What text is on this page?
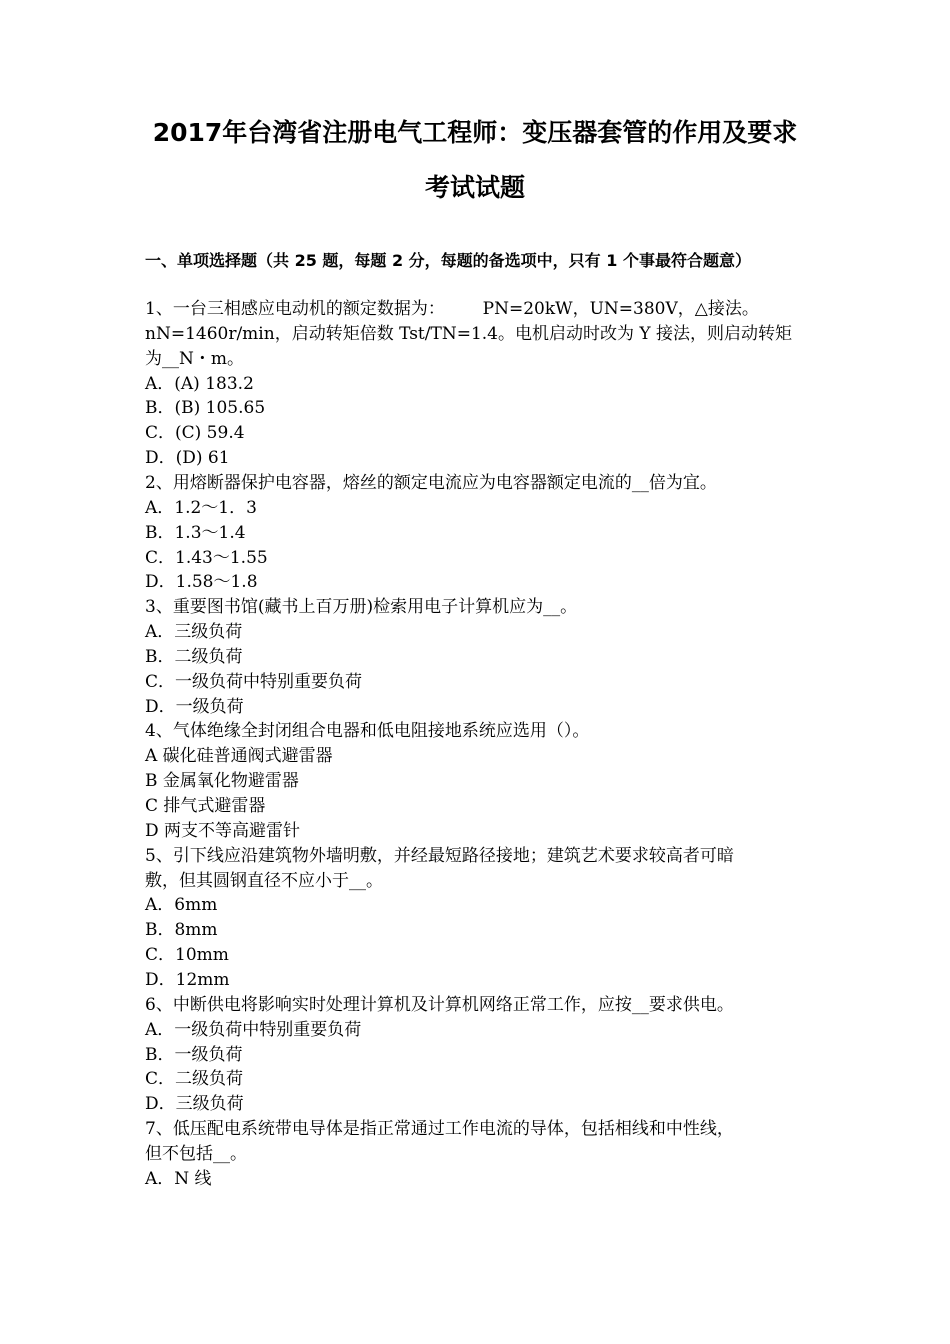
2017年台湾省注册电气工程师：变压器套管的作用及要求
考试试题
一、单项选择题（共 25 题，每题 2 分，每题的备选项中，只有 1 个事最符合题意）
1、一台三相感应电动机的额定数据为：       PN=20kW，UN=380V，△接法。
nN=1460r/min，启动转矩倍数 Tst/TN=1.4。电机启动时改为 Y 接法，则启动转矩
为__N・m。
A．(A) 183.2
B．(B) 105.65
C．(C) 59.4
D．(D) 61
2、用熔断器保护电容器，熔丝的额定电流应为电容器额定电流的__倍为宜。
A．1.2～1．3
B．1.3～1.4
C．1.43～1.55
D．1.58～1.8
3、重要图书馆(藏书上百万册)检索用电子计算机应为__。
A．三级负荷
B．二级负荷
C．一级负荷中特别重要负荷
D．一级负荷
4、气体绝缘全封闭组合电器和低电阻接地系统应选用（）。
A 碳化硅普通阀式避雷器
B 金属氧化物避雷器
C 排气式避雷器
D 两支不等高避雷针
5、引下线应沿建筑物外墙明敷，并经最短路径接地；建筑艺术要求较高者可暗
敷，但其圆钢直径不应小于__。
A．6mm
B．8mm
C．10mm
D．12mm
6、中断供电将影响实时处理计算机及计算机网络正常工作，应按__要求供电。
A．一级负荷中特别重要负荷
B．一级负荷
C．二级负荷
D．三级负荷
7、低压配电系统带电导体是指正常通过工作电流的导体，包括相线和中性线，
但不包括__。
A．N 线
